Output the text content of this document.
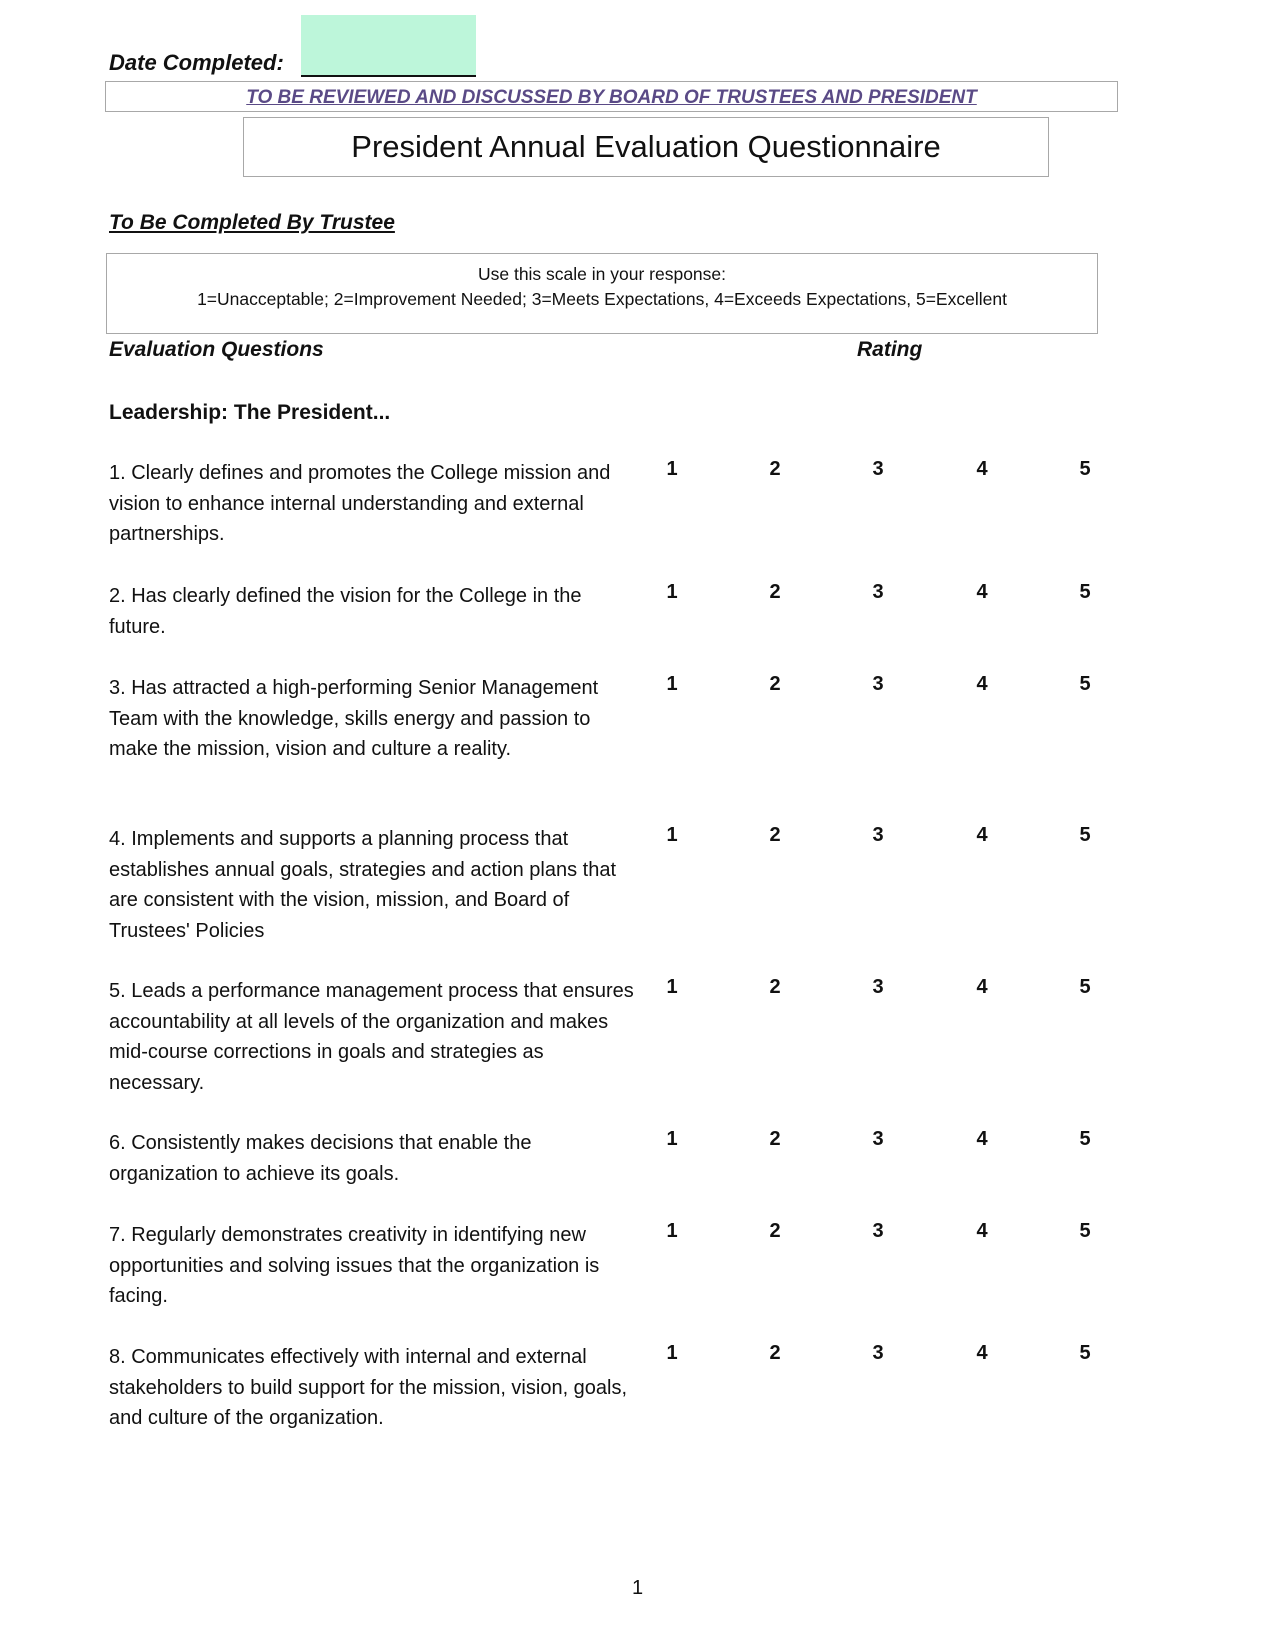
Date Completed:
TO BE REVIEWED AND DISCUSSED BY BOARD OF TRUSTEES AND PRESIDENT
President Annual Evaluation Questionnaire
To Be Completed By Trustee
Use this scale in your response:
1=Unacceptable; 2=Improvement Needed; 3=Meets Expectations, 4=Exceeds Expectations, 5=Excellent
Evaluation Questions	Rating
Leadership: The President...
1. Clearly defines and promotes the College mission and vision to enhance internal understanding and external partnerships.
1	2	3	4	5
2. Has clearly defined the vision for the College in the future.
1	2	3	4	5
3. Has attracted a high-performing Senior Management Team with the knowledge, skills energy and passion to make the mission, vision and culture a reality.
1	2	3	4	5
4. Implements and supports a planning process that establishes annual goals, strategies and action plans that are consistent with the vision, mission, and Board of Trustees' Policies
1	2	3	4	5
5. Leads a performance management process that ensures accountability at all levels of the organization and makes mid-course corrections in goals and strategies as necessary.
1	2	3	4	5
6. Consistently makes decisions that enable the organization to achieve its goals.
1	2	3	4	5
7. Regularly demonstrates creativity in identifying new opportunities and solving issues that the organization is facing.
1	2	3	4	5
8. Communicates effectively with internal and external stakeholders to build support for the mission, vision, goals, and culture of the organization.
1	2	3	4	5
1
